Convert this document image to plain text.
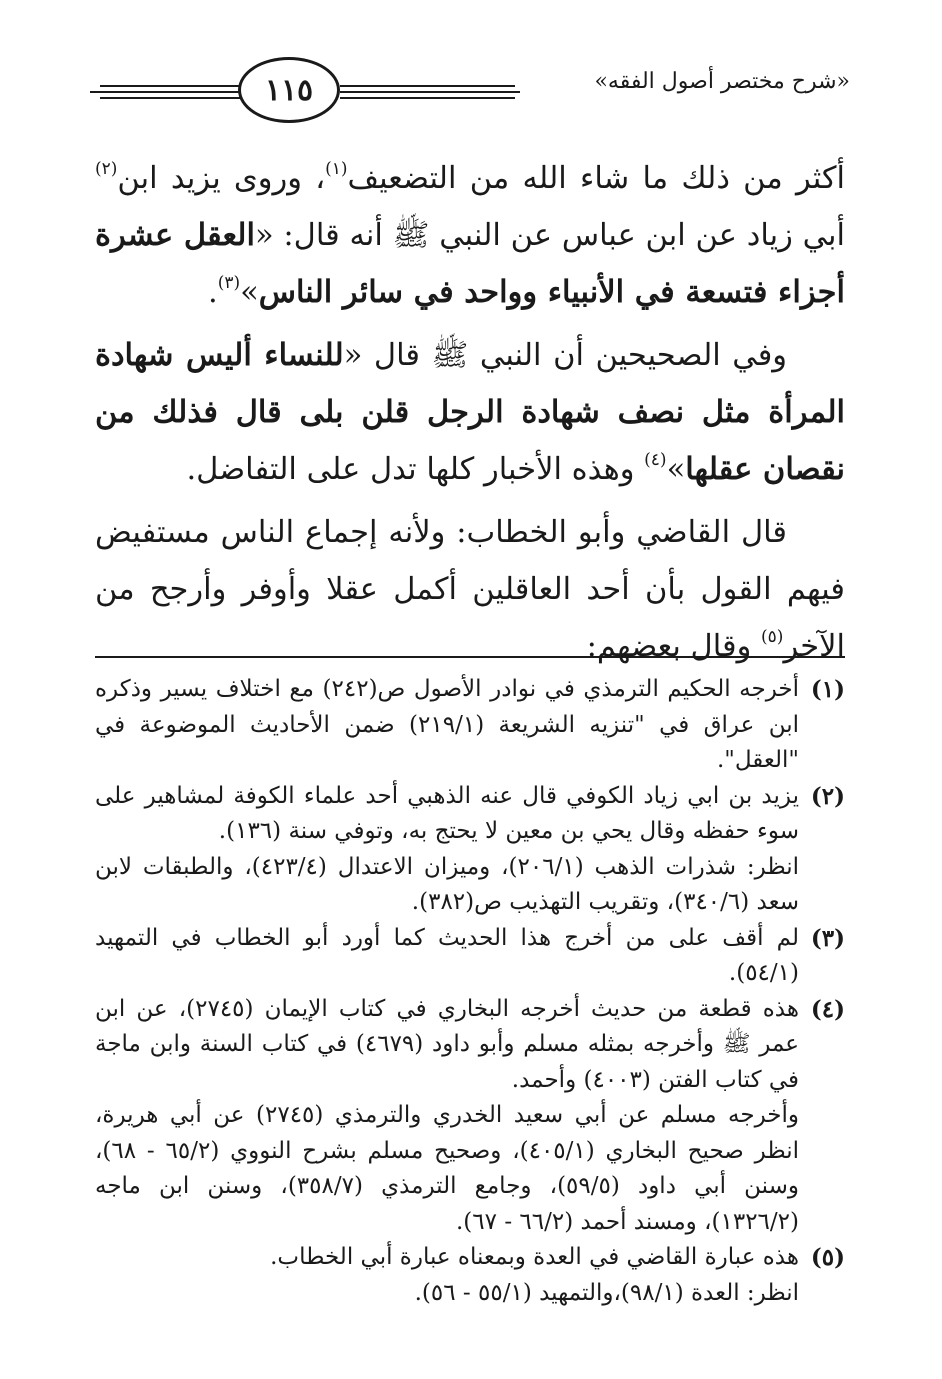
١١٥	«شرح مختصر أصول الفقه»

أكثر من ذلك ما شاء الله من التضعيف$^{(١)}$، وروى يزيد ابن$^{(٢)}$ أبي زياد عن ابن عباس عن النبي ﷺ أنه قال: «العقل عشرة أجزاء فتسعة في الأنبياء وواحد في سائر الناس»$^{(٣)}$.

وفي الصحيحين أن النبي ﷺ قال «للنساء أليس شهادة المرأة مثل نصف شهادة الرجل قلن بلى قال فذلك من نقصان عقلها»$^{(٤)}$ وهذه الأخبار كلها تدل على التفاضل.

قال القاضي وأبو الخطاب: ولأنه إجماع الناس مستفيض فيهم القول بأن أحد العاقلين أكمل عقلا وأوفر وأرجح من الآخر$^{(٥)}$ وقال بعضهم:

(١)

أخرجه الحكيم الترمذي في نوادر الأصول ص(٢٤٢) مع اختلاف يسير وذكره ابن عراق في "تنزيه الشريعة (٢١٩/١) ضمن الأحاديث الموضوعة في "العقل".

(٢)

يزيد بن ابي زياد الكوفي قال عنه الذهبي أحد علماء الكوفة لمشاهير على سوء حفظه وقال يحي بن معين لا يحتج به، وتوفي سنة (١٣٦).

انظر: شذرات الذهب (٢٠٦/١)، وميزان الاعتدال (٤٢٣/٤)، والطبقات لابن سعد (٣٤٠/٦)، وتقريب التهذيب ص(٣٨٢).

(٣)

لم أقف على من أخرج هذا الحديث كما أورد أبو الخطاب في التمهيد (٥٤/١).

(٤)

هذه قطعة من حديث أخرجه البخاري في كتاب الإيمان (٢٧٤٥)، عن ابن عمر ﷺ وأخرجه بمثله مسلم وأبو داود (٤٦٧٩) في كتاب السنة وابن ماجة في كتاب الفتن (٤٠٠٣) وأحمد.

وأخرجه مسلم عن أبي سعيد الخدري والترمذي (٢٧٤٥) عن أبي هريرة، انظر صحيح البخاري (٤٠٥/١)، وصحيح مسلم بشرح النووي (٦٥/٢ - ٦٨)، وسنن أبي داود (٥٩/٥)، وجامع الترمذي (٣٥٨/٧)، وسنن ابن ماجه (١٣٢٦/٢)، ومسند أحمد (٦٦/٢ - ٦٧).

(٥)

هذه عبارة القاضي في العدة وبمعناه عبارة أبي الخطاب.

انظر: العدة (٩٨/١)،والتمهيد (٥٥/١ - ٥٦).
